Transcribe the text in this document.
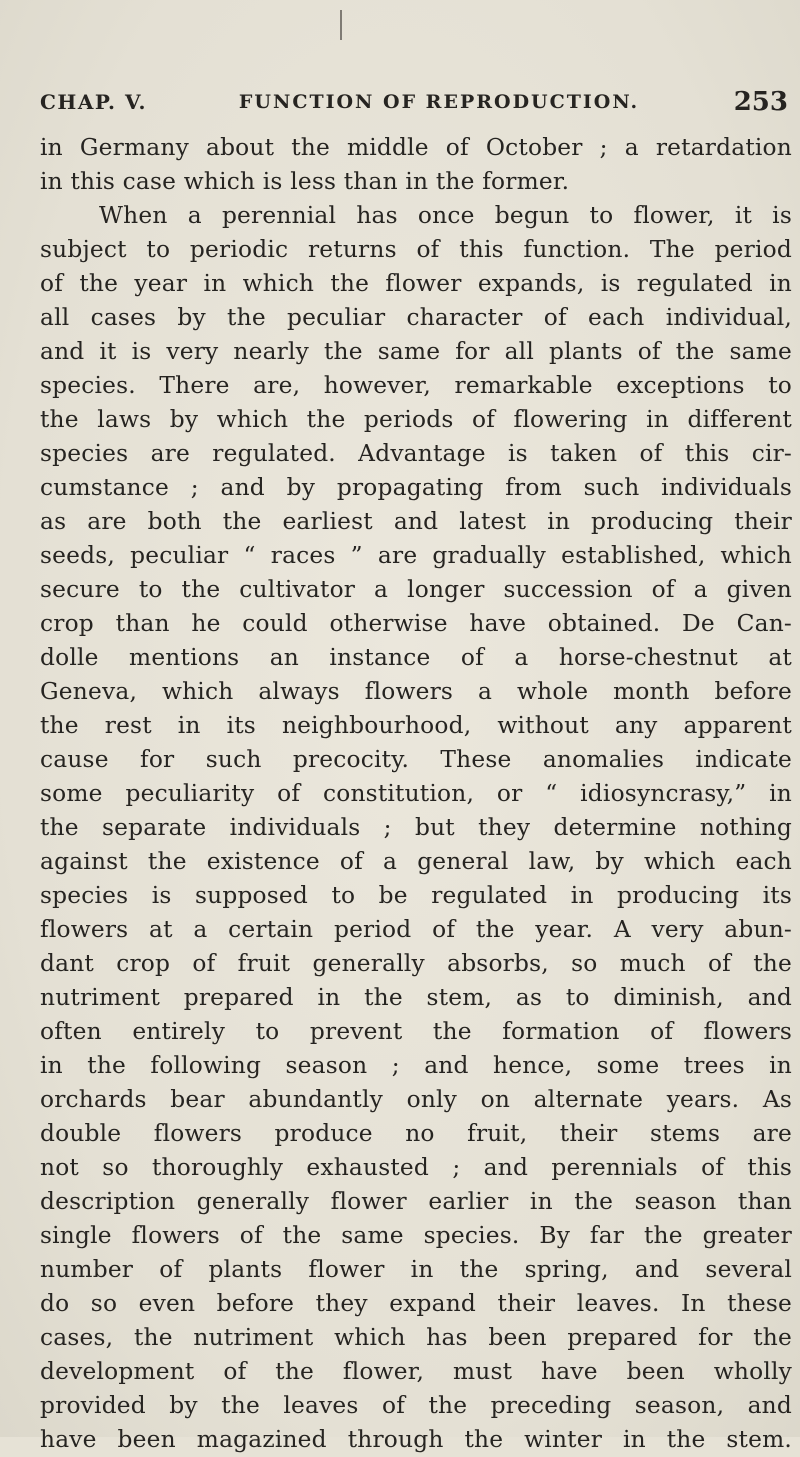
CHAP. V.	FUNCTION OF REPRODUCTION.	253
in Germany about the middle of October ; a retardation
in this case which is less than in the former.
When a perennial has once begun to flower, it is
subject to periodic returns of this function. The period
of the year in which the flower expands, is regulated in
all cases by the peculiar character of each individual,
and it is very nearly the same for all plants of the same
species. There are, however, remarkable exceptions to
the laws by which the periods of flowering in different
species are regulated. Advantage is taken of this cir-
cumstance ; and by propagating from such individuals
as are both the earliest and latest in producing their
seeds, peculiar “ races ” are gradually established, which
secure to the cultivator a longer succession of a given
crop than he could otherwise have obtained. De Can-
dolle mentions an instance of a horse-chestnut at
Geneva, which always flowers a whole month before
the rest in its neighbourhood, without any apparent
cause for such precocity. These anomalies indicate
some peculiarity of constitution, or “ idiosyncrasy,” in
the separate individuals ; but they determine nothing
against the existence of a general law, by which each
species is supposed to be regulated in producing its
flowers at a certain period of the year. A very abun-
dant crop of fruit generally absorbs, so much of the
nutriment prepared in the stem, as to diminish, and
often entirely to prevent the formation of flowers
in the following season ; and hence, some trees in
orchards bear abundantly only on alternate years. As
double flowers produce no fruit, their stems are
not so thoroughly exhausted ; and perennials of this
description generally flower earlier in the season than
single flowers of the same species. By far the greater
number of plants flower in the spring, and several
do so even before they expand their leaves. In these
cases, the nutriment which has been prepared for the
development of the flower, must have been wholly
provided by the leaves of the preceding season, and
have been magazined through the winter in the stem.
